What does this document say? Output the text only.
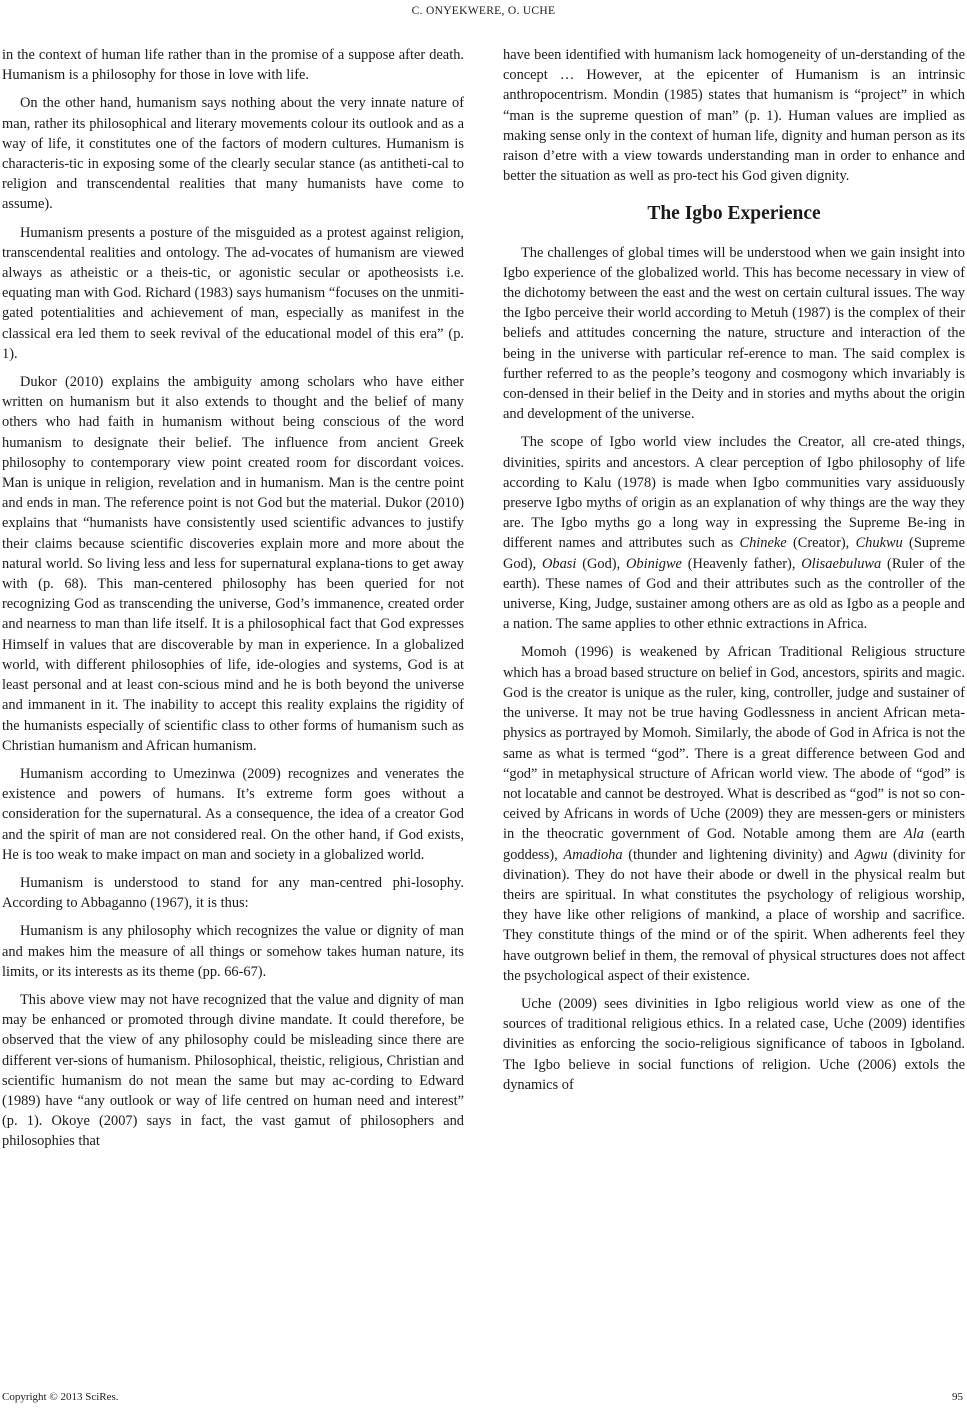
C. ONYEKWERE, O. UCHE

in the context of human life rather than in the promise of a suppose after death. Humanism is a philosophy for those in love with life.

On the other hand, humanism says nothing about the very innate nature of man, rather its philosophical and literary movements colour its outlook and as a way of life, it constitutes one of the factors of modern cultures. Humanism is characteris-tic in exposing some of the clearly secular stance (as antitheti-cal to religion and transcendental realities that many humanists have come to assume).

Humanism presents a posture of the misguided as a protest against religion, transcendental realities and ontology. The ad-vocates of humanism are viewed always as atheistic or a theis-tic, or agonistic secular or apotheosists i.e. equating man with God. Richard (1983) says humanism “focuses on the unmiti-gated potentialities and achievement of man, especially as manifest in the classical era led them to seek revival of the educational model of this era” (p. 1).

Dukor (2010) explains the ambiguity among scholars who have either written on humanism but it also extends to thought and the belief of many others who had faith in humanism without being conscious of the word humanism to designate their belief. The influence from ancient Greek philosophy to contemporary view point created room for discordant voices. Man is unique in religion, revelation and in humanism. Man is the centre point and ends in man. The reference point is not God but the material. Dukor (2010) explains that “humanists have consistently used scientific advances to justify their claims because scientific discoveries explain more and more about the natural world. So living less and less for supernatural explana-tions to get away with (p. 68). This man-centered philosophy has been queried for not recognizing God as transcending the universe, God’s immanence, created order and nearness to man than life itself. It is a philosophical fact that God expresses Himself in values that are discoverable by man in experience. In a globalized world, with different philosophies of life, ide-ologies and systems, God is at least personal and at least con-scious mind and he is both beyond the universe and immanent in it. The inability to accept this reality explains the rigidity of the humanists especially of scientific class to other forms of humanism such as Christian humanism and African humanism.

Humanism according to Umezinwa (2009) recognizes and venerates the existence and powers of humans. It’s extreme form goes without a consideration for the supernatural. As a consequence, the idea of a creator God and the spirit of man are not considered real. On the other hand, if God exists, He is too weak to make impact on man and society in a globalized world.

Humanism is understood to stand for any man-centred phi-losophy. According to Abbaganno (1967), it is thus:

Humanism is any philosophy which recognizes the value or dignity of man and makes him the measure of all things or somehow takes human nature, its limits, or its interests as its theme (pp. 66-67).

This above view may not have recognized that the value and dignity of man may be enhanced or promoted through divine mandate. It could therefore, be observed that the view of any philosophy could be misleading since there are different ver-sions of humanism. Philosophical, theistic, religious, Christian and scientific humanism do not mean the same but may ac-cording to Edward (1989) have “any outlook or way of life centred on human need and interest” (p. 1). Okoye (2007) says in fact, the vast gamut of philosophers and philosophies that

have been identified with humanism lack homogeneity of un-derstanding of the concept … However, at the epicenter of Humanism is an intrinsic anthropocentrism. Mondin (1985) states that humanism is “project” in which “man is the supreme question of man” (p. 1). Human values are implied as making sense only in the context of human life, dignity and human person as its raison d’etre with a view towards understanding man in order to enhance and better the situation as well as pro-tect his God given dignity.

The Igbo Experience

The challenges of global times will be understood when we gain insight into Igbo experience of the globalized world. This has become necessary in view of the dichotomy between the east and the west on certain cultural issues. The way the Igbo perceive their world according to Metuh (1987) is the complex of their beliefs and attitudes concerning the nature, structure and interaction of the being in the universe with particular ref-erence to man. The said complex is further referred to as the people’s teogony and cosmogony which invariably is con-densed in their belief in the Deity and in stories and myths about the origin and development of the universe.

The scope of Igbo world view includes the Creator, all cre-ated things, divinities, spirits and ancestors. A clear perception of Igbo philosophy of life according to Kalu (1978) is made when Igbo communities vary assiduously preserve Igbo myths of origin as an explanation of why things are the way they are. The Igbo myths go a long way in expressing the Supreme Be-ing in different names and attributes such as Chineke (Creator), Chukwu (Supreme God), Obasi (God), Obinigwe (Heavenly father), Olisaebuluwa (Ruler of the earth). These names of God and their attributes such as the controller of the universe, King, Judge, sustainer among others are as old as Igbo as a people and a nation. The same applies to other ethnic extractions in Africa.

Momoh (1996) is weakened by African Traditional Religious structure which has a broad based structure on belief in God, ancestors, spirits and magic. God is the creator is unique as the ruler, king, controller, judge and sustainer of the universe. It may not be true having Godlessness in ancient African meta-physics as portrayed by Momoh. Similarly, the abode of God in Africa is not the same as what is termed “god”. There is a great difference between God and “god” in metaphysical structure of African world view. The abode of “god” is not locatable and cannot be destroyed. What is described as “god” is not so con-ceived by Africans in words of Uche (2009) they are messen-gers or ministers in the theocratic government of God. Notable among them are Ala (earth goddess), Amadioha (thunder and lightening divinity) and Agwu (divinity for divination). They do not have their abode or dwell in the physical realm but theirs are spiritual. In what constitutes the psychology of religious worship, they have like other religions of mankind, a place of worship and sacrifice. They constitute things of the mind or of the spirit. When adherents feel they have outgrown belief in them, the removal of physical structures does not affect the psychological aspect of their existence.

Uche (2009) sees divinities in Igbo religious world view as one of the sources of traditional religious ethics. In a related case, Uche (2009) identifies divinities as enforcing the socio-religious significance of taboos in Igboland. The Igbo believe in social functions of religion. Uche (2006) extols the dynamics of

Copyright © 2013 SciRes.	95
